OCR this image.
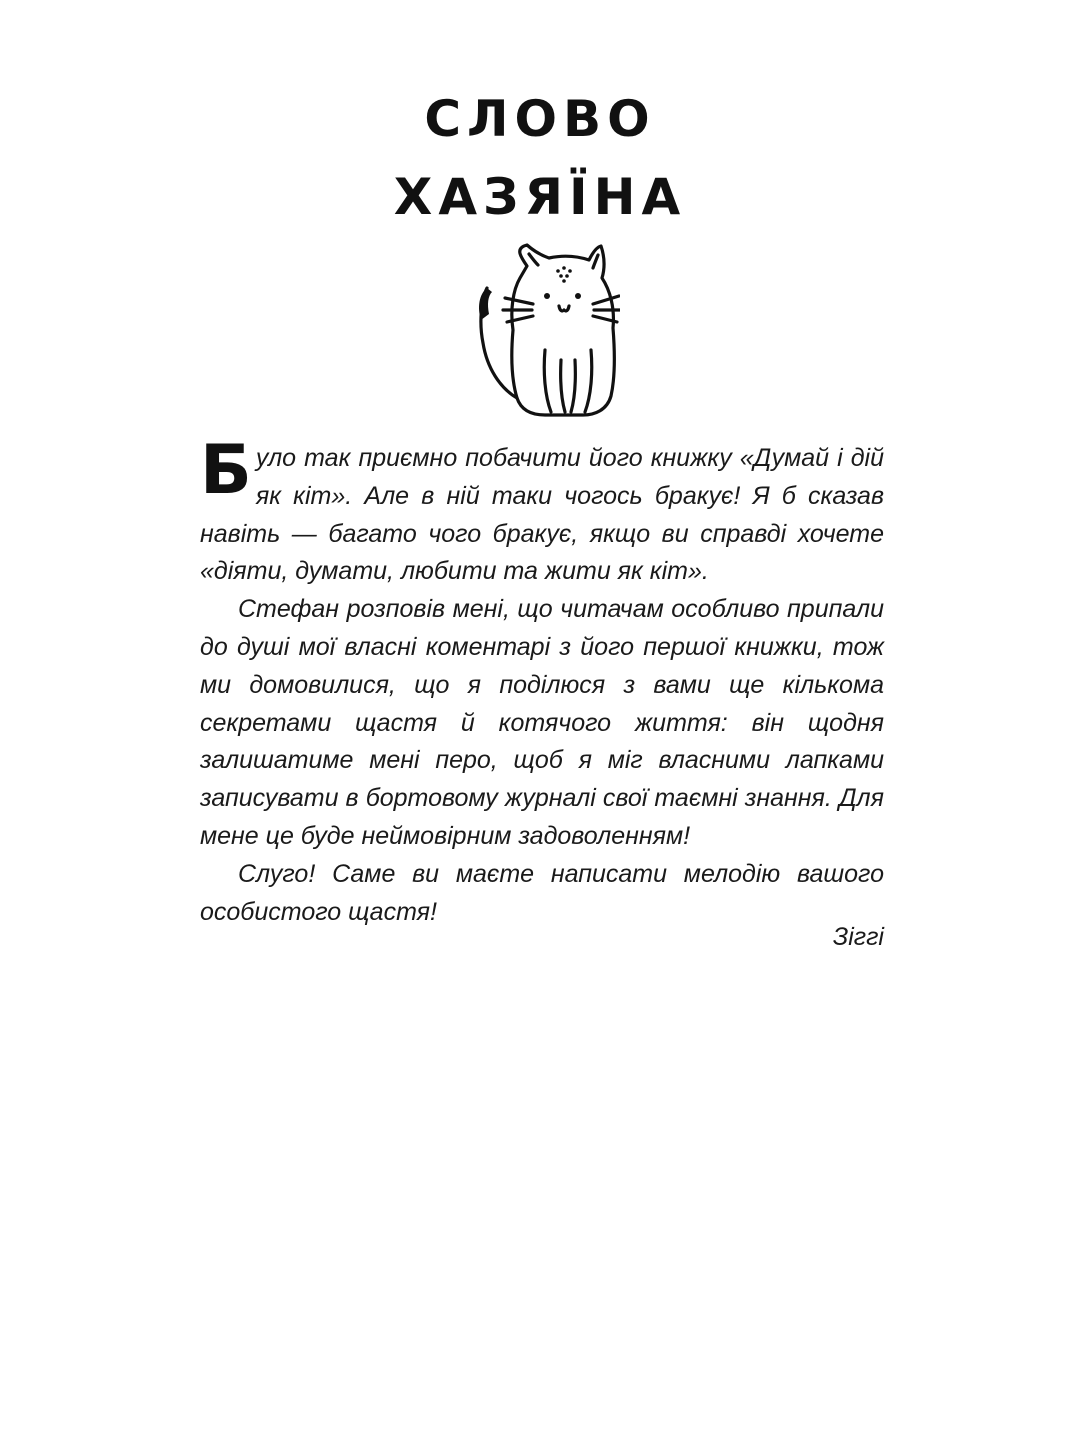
СЛОВО
ХАЗЯЇНА

Було так приємно побачити його книжку «Думай і дій як кіт». Але в ній таки чогось бракує! Я б сказав навіть — багато чого бракує, якщо ви справді хочете «діяти, думати, любити та жити як кіт».

Стефан розповів мені, що читачам особливо припали до душі мої власні коментарі з його першої книжки, тож ми домовилися, що я поділюся з вами ще кількома секретами щастя й котячого життя: він щодня залишатиме мені перо, щоб я міг власними лапками записувати в бортовому журналі свої таємні знання. Для мене це буде неймовірним задоволенням!

Слуго! Саме ви маєте написати мелодію вашого особистого щастя!

Зіггі
